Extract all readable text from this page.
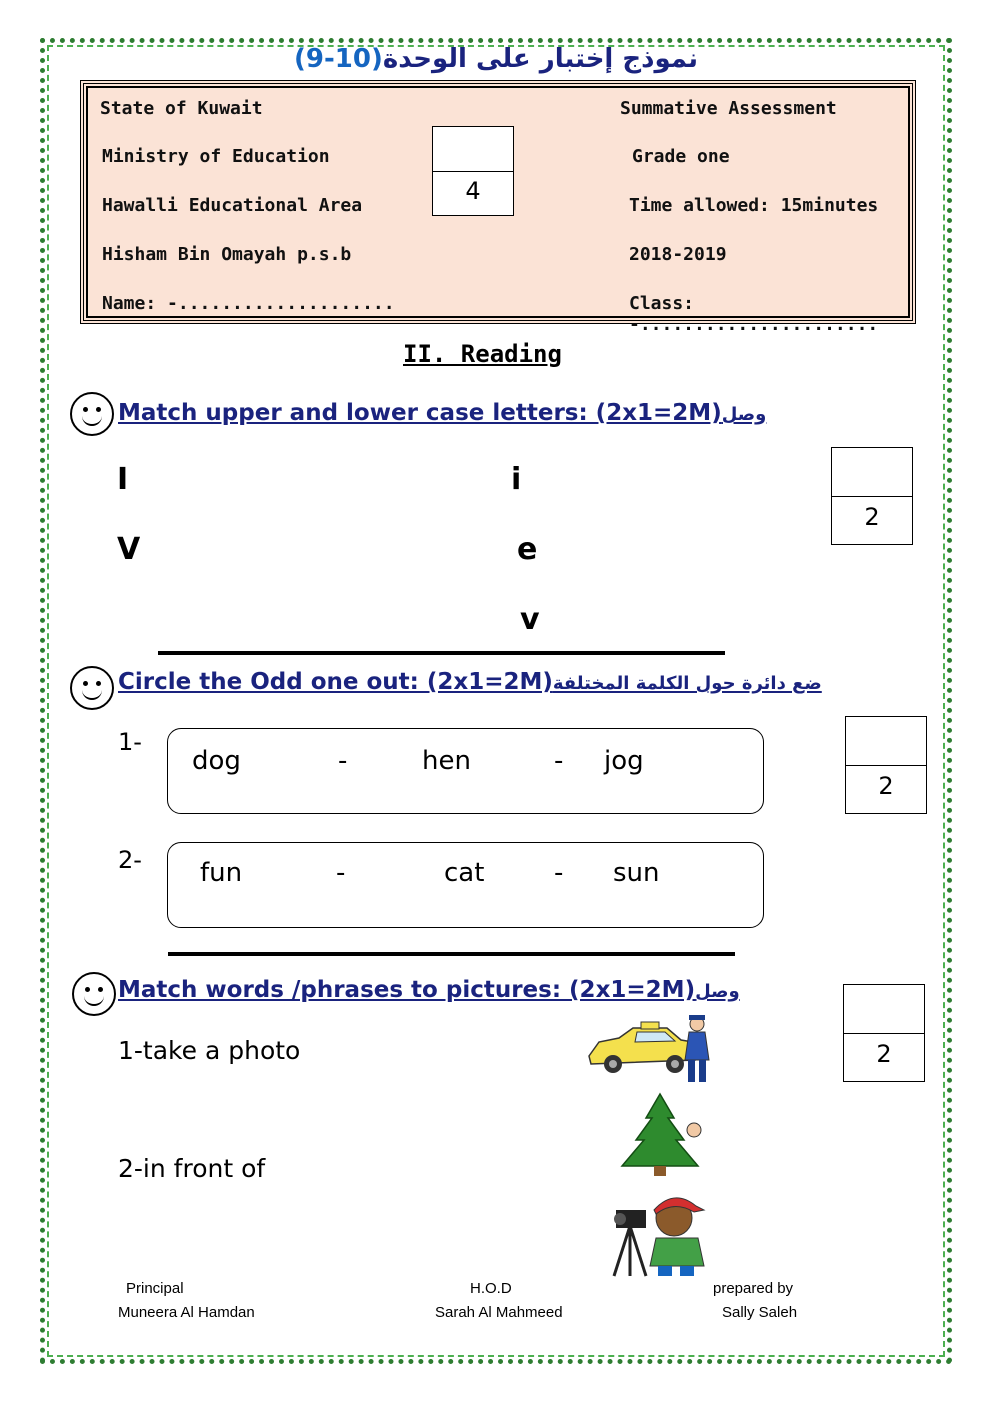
نموذج إختبار على الوحدة(10-9)
State of Kuwait
Ministry of Education
Hawalli Educational Area
Hisham Bin Omayah p.s.b
Name: -....................
Summative Assessment
Grade one
Time allowed: 15minutes
2018-2019
Class: -......................
4
II. Reading
Match upper and lower case letters: (2x1=2M)وصل
I
V
i
e
v
2
Circle the Odd one out: (2x1=2M)ضع دائرة حول الكلمة المختلفة
1-
dog	-	hen	- jog
2
2- fun	-	cat	- sun
Match words /phrases to pictures: (2x1=2M)وصل
2
1-take a photo
2-in front of
Principal	H.O.D	prepared by
Muneera Al Hamdan	Sarah Al Mahmeed	Sally Saleh
